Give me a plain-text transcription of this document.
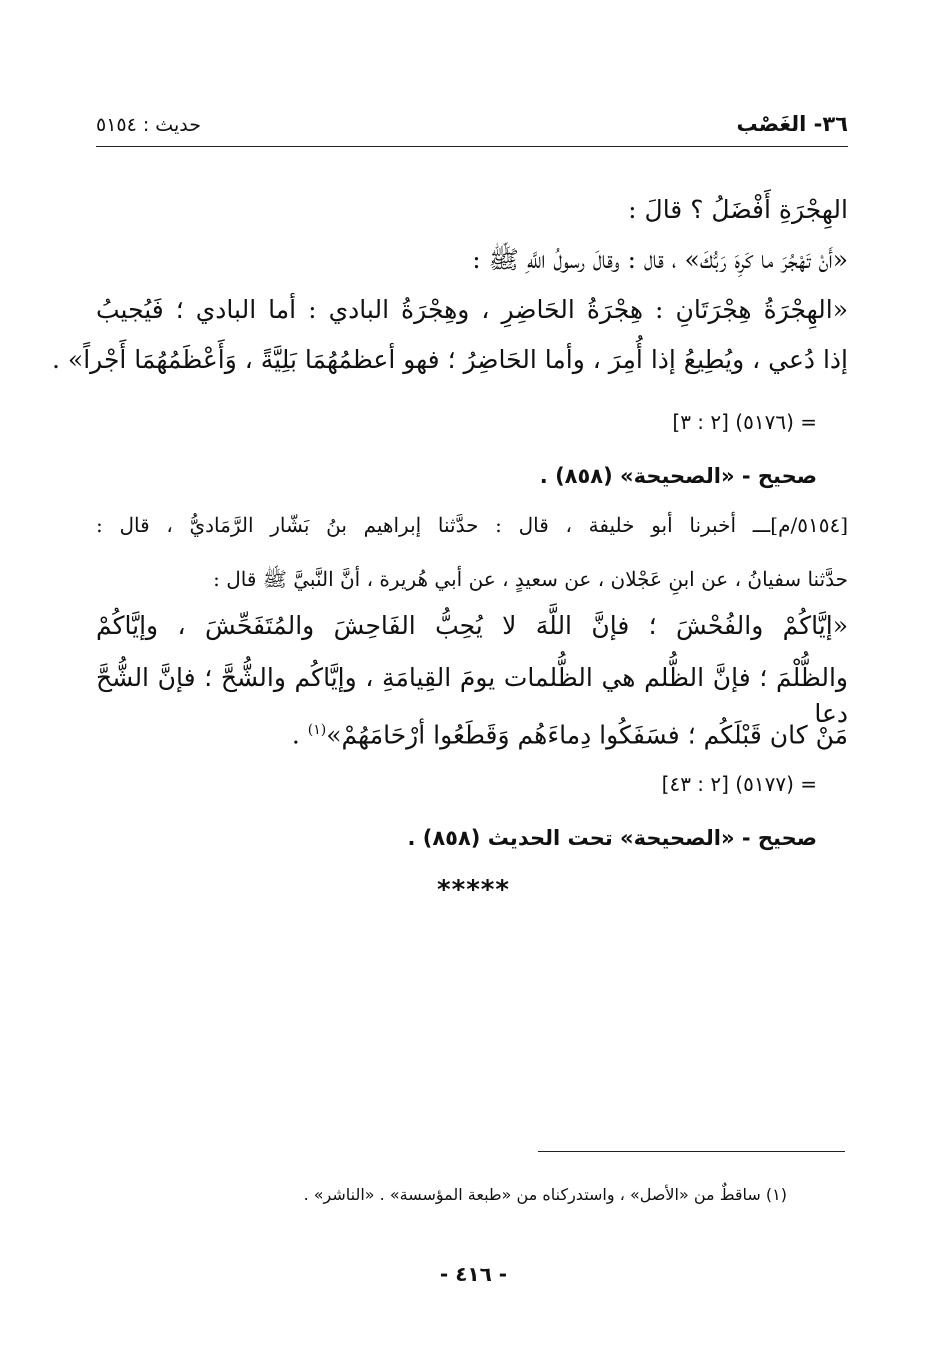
٣٦- الغَصْب
حديث : ٥١٥٤
الهِجْرَةِ أَفْضَلُ ؟ قالَ :
«أَنْ تَهْجُرَ ما كَرِهَ رَبُّكَ» ، قال : وقالَ رسولُ اللَّهِ ﷺ :
«الهِجْرَةُ هِجْرَتَانِ : هِجْرَةُ الحَاضِرِ ، وهِجْرَةُ البادي : أما البادي ؛ فَيُجيبُ
إذا دُعي ، ويُطِيعُ إذا أُمِرَ ، وأما الحَاضِرُ ؛ فهو أعظمُهُمَا بَلِيَّةً ، وَأَعْظَمُهُمَا أَجْراً» .
= (٥١٧٦) [٢ : ٣]
صحيح - «الصحيحة» (٨٥٨) .
[٥١٥٤/م]ـــ أخبرنا أبو خليفة ، قال : حدَّثنا إبراهيم بنُ بَشّار الرَّمَاديُّ ، قال :
حدَّثنا سفيانُ ، عن ابنِ عَجْلان ، عن سعيدٍ ، عن أبي هُريرة ، أنَّ النَّبيَّ ﷺ قال :
«إيَّاكُمْ والفُحْشَ ؛ فإنَّ اللَّهَ لا يُحِبُّ الفَاحِشَ والمُتَفَحِّشَ ، وإيَّاكُمْ
والظُّلْمَ ؛ فإنَّ الظُّلم هي الظُّلمات يومَ القِيامَةِ ، وإيَّاكُم والشُّحَّ ؛ فإنَّ الشُّحَّ دعا
مَنْ كان قَبْلَكُم ؛ فسَفَكُوا دِماءَهُم وَقَطَعُوا أرْحَامَهُمْ»$^{(١)}$ .
= (٥١٧٧) [٢ : ٤٣]
صحيح - «الصحيحة» تحت الحديث (٨٥٨) .
*****
(١) ساقطٌ من «الأصل» ، واستدركناه من «طبعة المؤسسة» . «الناشر» .
- ٤١٦ -
